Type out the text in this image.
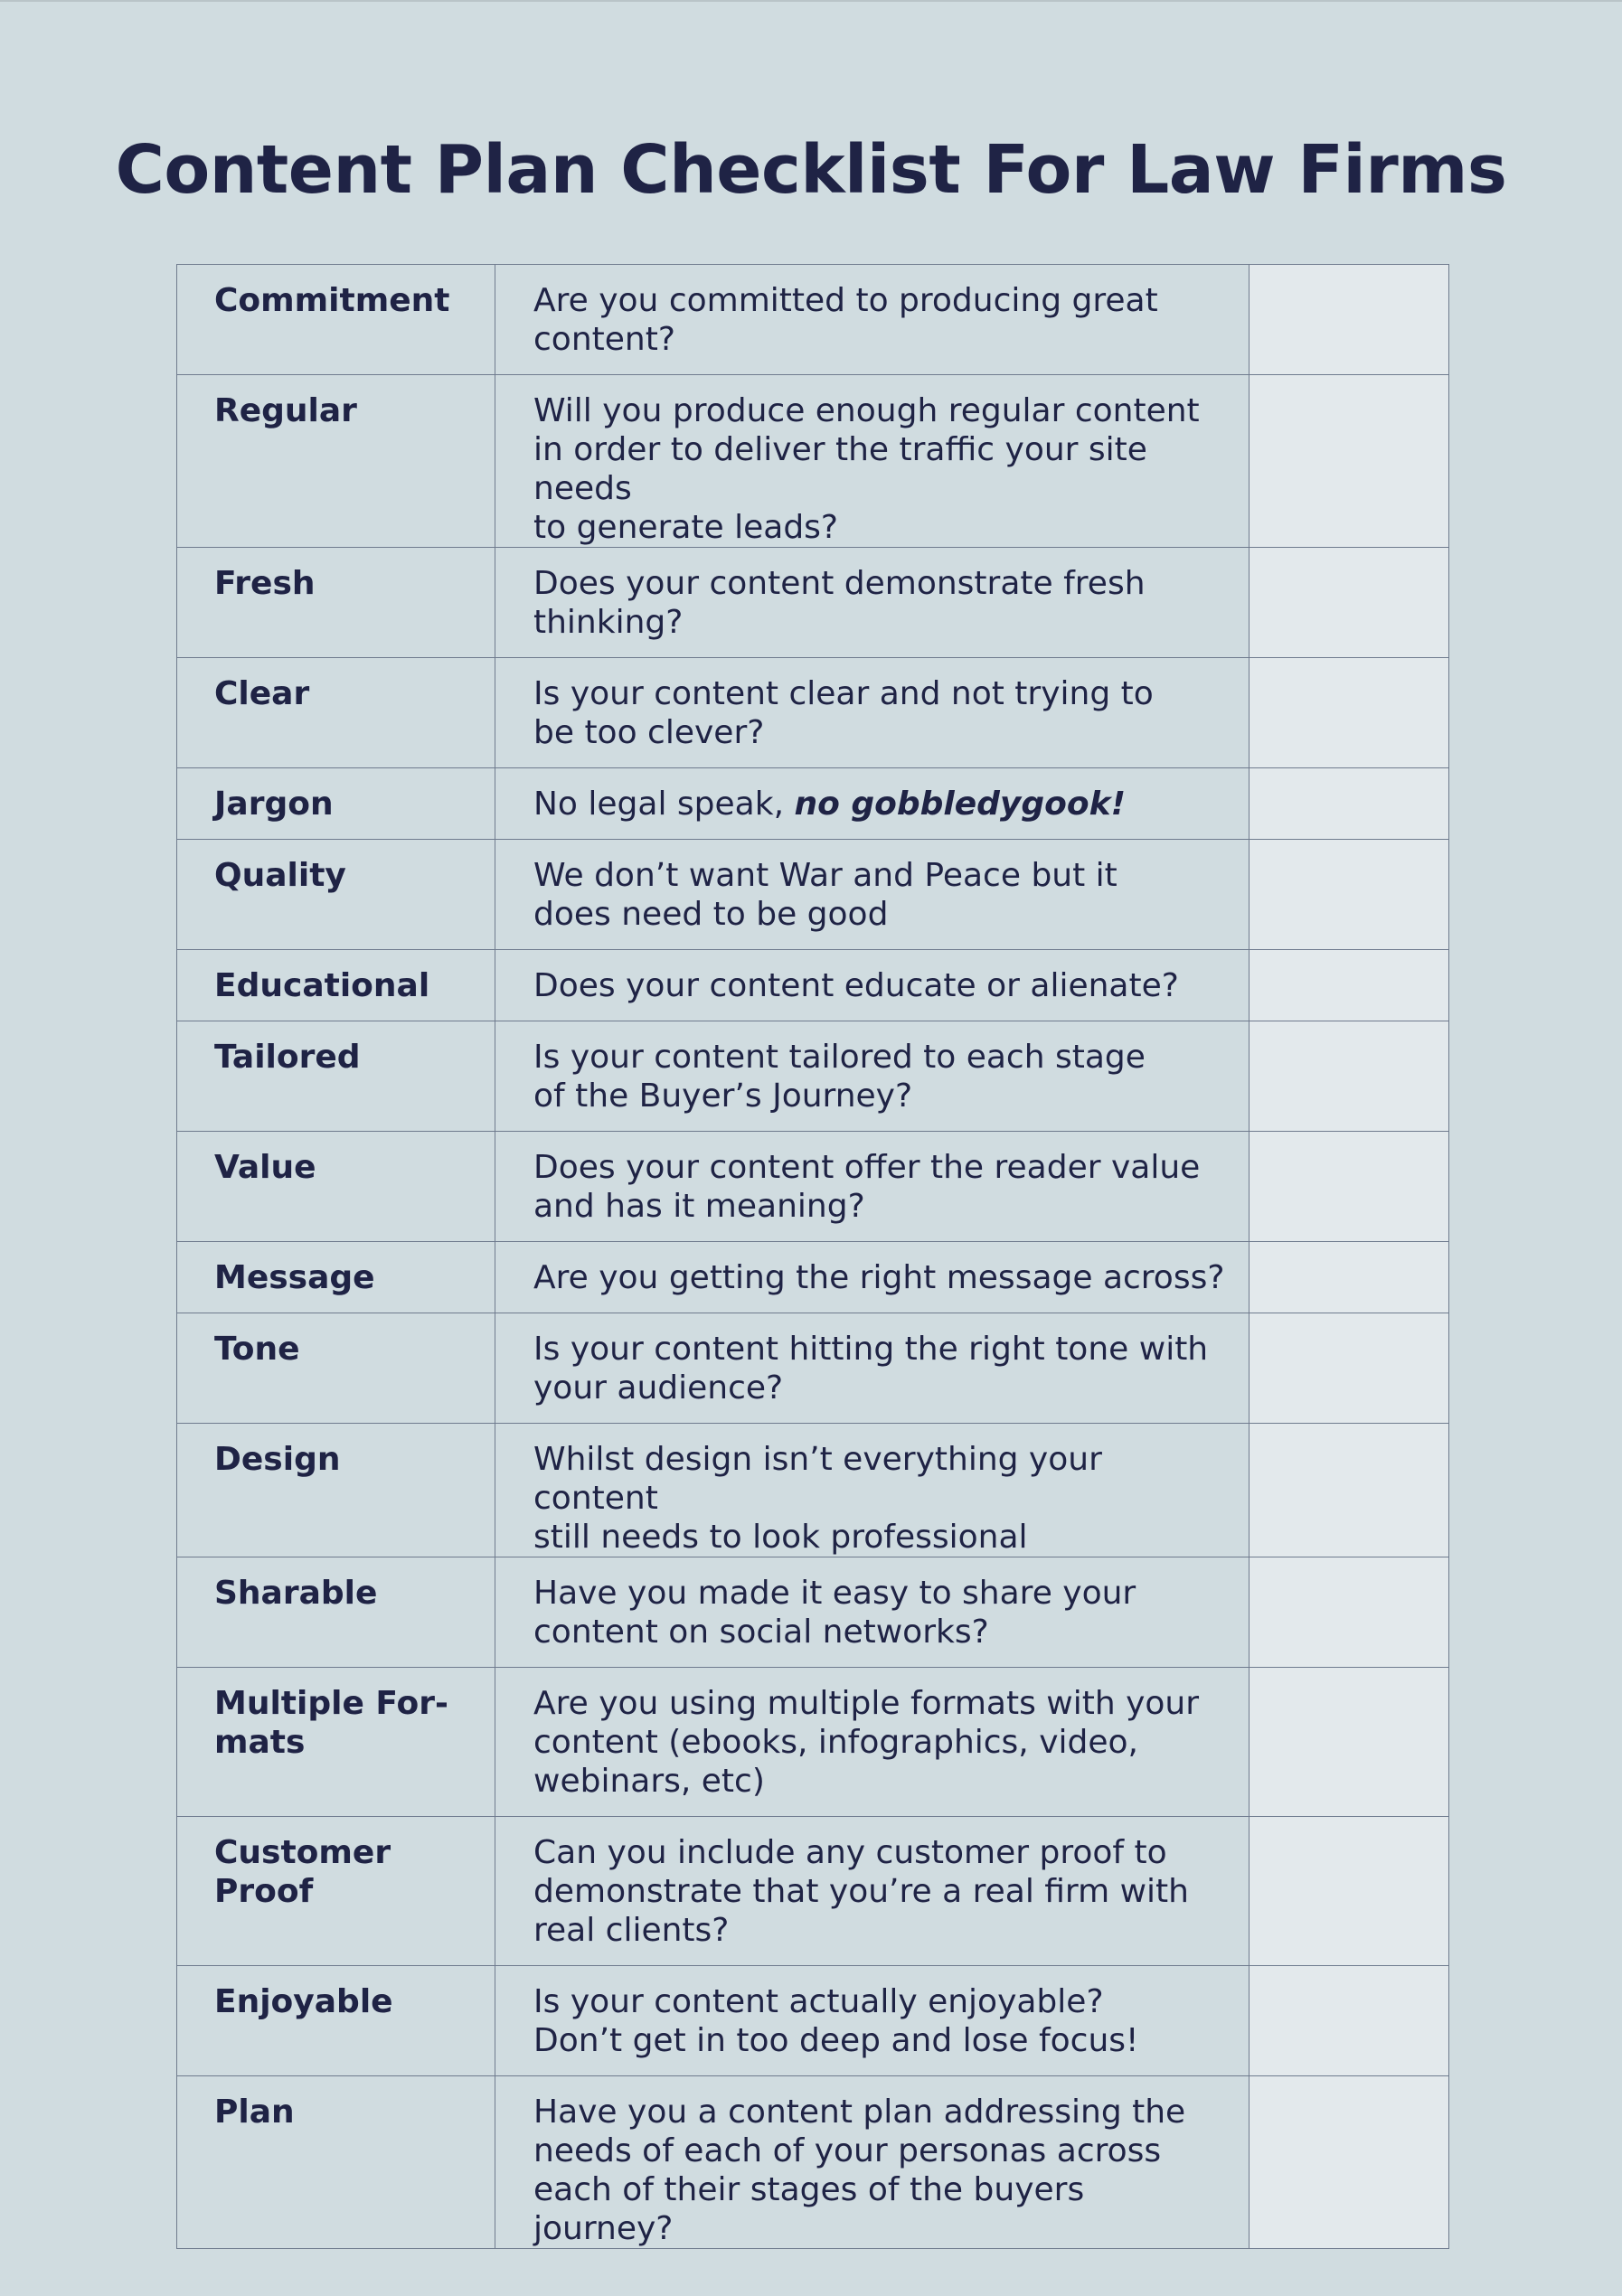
Content Plan Checklist For Law Firms
Commitment	Are you committed to producing great
content?	
Regular	Will you produce enough regular content
in order to deliver the traffic your site needs
to generate leads?	
Fresh	Does your content demonstrate fresh
thinking?	
Clear	Is your content clear and not trying to
be too clever?	
Jargon	No legal speak, no gobbledygook!	
Quality	We don’t want War and Peace but it
does need to be good	
Educational	Does your content educate or alienate?	
Tailored	Is your content tailored to each stage
of the Buyer’s Journey?	
Value	Does your content offer the reader value
and has it meaning?	
Message	Are you getting the right message across?	
Tone	Is your content hitting the right tone with
your audience?	
Design	Whilst design isn’t everything your content
still needs to look professional	
Sharable	Have you made it easy to share your
content on social networks?	
Multiple For-
mats	Are you using multiple formats with your
content (ebooks, infographics, video,
webinars, etc)	
Customer
Proof	Can you include any customer proof to
demonstrate that you’re a real firm with
real clients?	
Enjoyable	Is your content actually enjoyable?
Don’t get in too deep and lose focus!	
Plan	Have you a content plan addressing the
needs of each of your personas across
each of their stages of the buyers journey?	
